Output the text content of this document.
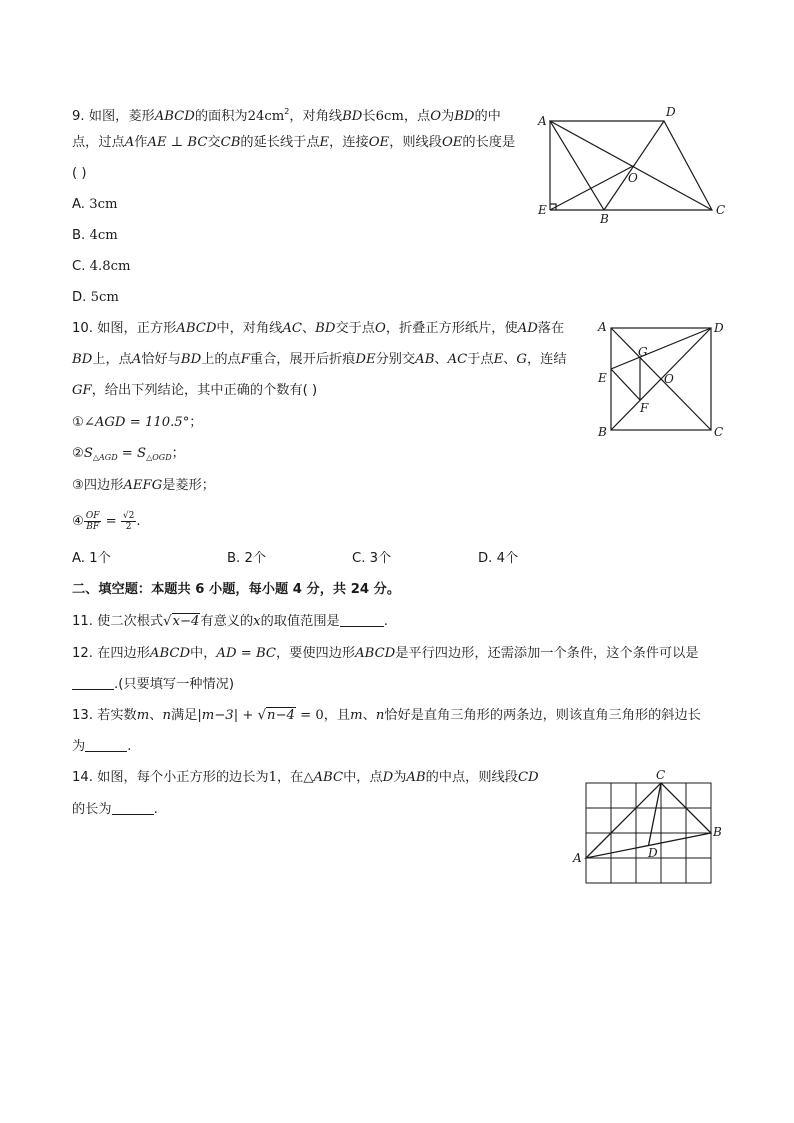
9. 如图，菱形ABCD的面积为$24cm^2$，对角线BD长6cm，点O为BD的中
点，过点A作AE ⊥ BC交CB的延长线于点E，连接OE，则线段OE的长度是
( )
A. 3cm
B. 4cm
C. 4.8cm
D. 5cm
A
D
C
B
E
O
10. 如图，正方形ABCD中，对角线AC、BD交于点O，折叠正方形纸片，使AD落在
BD上，点A恰好与BD上的点F重合，展开后折痕DE分别交AB、AC于点E、G，连结
GF，给出下列结论，其中正确的个数有( )
①∠AGD = 110.5°；
$②S_{\triangle AGD} = S_{\triangle OGD}$；
③四边形AEFG是菱形；
④ $\frac{OF}{BF} = \frac{√2}{2}$ .
A. 1个	B. 2个	C. 3个	D. 4个
A	D
B	C
E
G
O
F
二、填空题：本题共 6 小题，每小题 4 分，共 24 分。
11. 使二次根式√x−4有意义的x的取值范围是	.
12. 在四边形ABCD中，AD = BC，要使四边形ABCD是平行四边形，还需添加一个条件，这个条件可以是
.(只要填写一种情况)
13. 若实数m、n满足|m−3| + √n−4 = 0，且m、n恰好是直角三角形的两条边，则该直角三角形的斜边长
为	.
14. 如图，每个小正方形的边长为1，在△ABC中，点D为AB的中点，则线段CD
的长为	.
A
C
B
D
